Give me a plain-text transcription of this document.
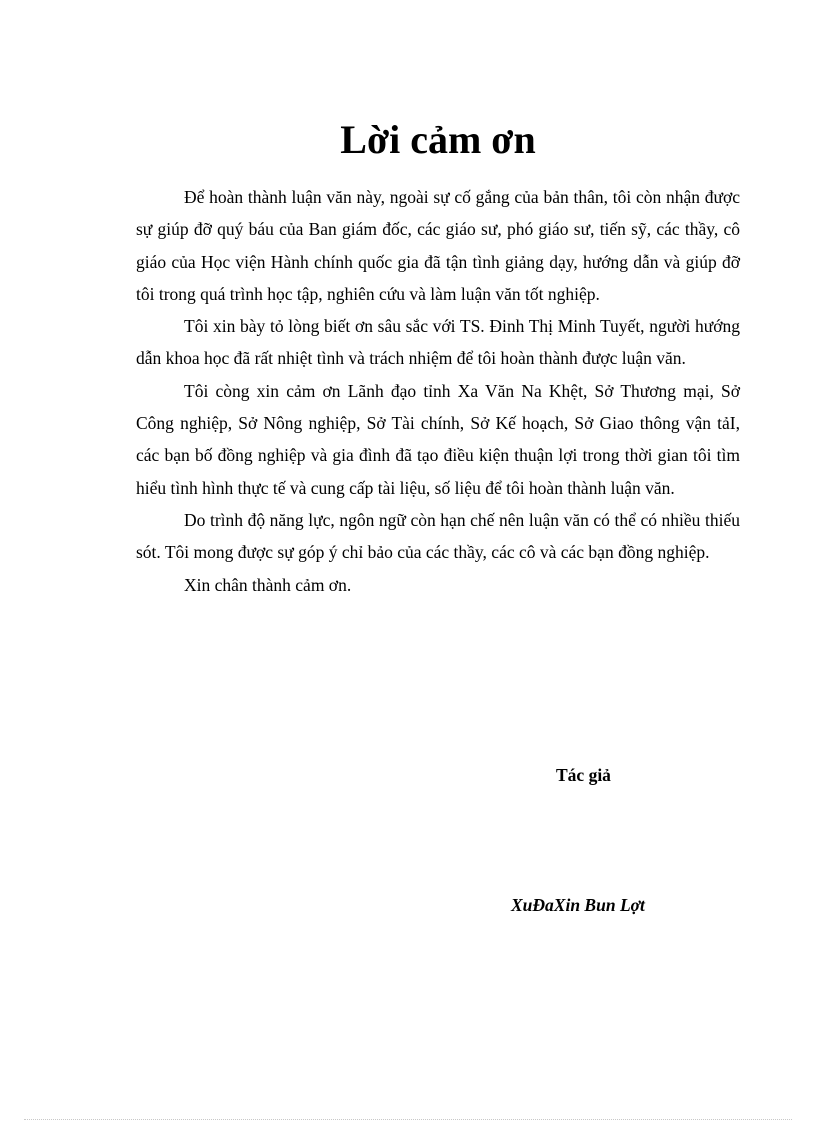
Lời cảm ơn

Để hoàn thành luận văn này, ngoài sự cố gắng của bản thân, tôi còn nhận được sự giúp đỡ quý báu của Ban giám đốc, các giáo sư, phó giáo sư, tiến sỹ, các thầy, cô giáo của Học viện Hành chính quốc gia đã tận tình giảng dạy, hướng dẫn và giúp đỡ tôi trong quá trình học tập, nghiên cứu và làm luận văn tốt nghiệp.

Tôi xin bày tỏ lòng biết ơn sâu sắc với TS. Đinh Thị Minh Tuyết, người hướng dẫn khoa học đã rất nhiệt tình và trách nhiệm để tôi hoàn thành được luận văn.

Tôi còng xin cảm ơn Lãnh đạo tỉnh Xa Văn Na Khệt, Sở Thương mại, Sở Công nghiệp, Sở Nông nghiệp, Sở Tài chính, Sở Kế hoạch, Sở Giao thông vận tảI, các bạn bố đồng nghiệp và gia đình đã tạo điều kiện thuận lợi trong thời gian tôi tìm hiểu tình hình thực tế và cung cấp tài liệu, số liệu để tôi hoàn thành luận văn.

Do trình độ năng lực, ngôn ngữ còn hạn chế nên luận văn có thể có nhiều thiếu sót. Tôi mong được sự góp ý chỉ bảo của các thầy, các cô và các bạn đồng nghiệp.

Xin chân thành cảm ơn.

Tác giả
XuĐaXin Bun Lợt
